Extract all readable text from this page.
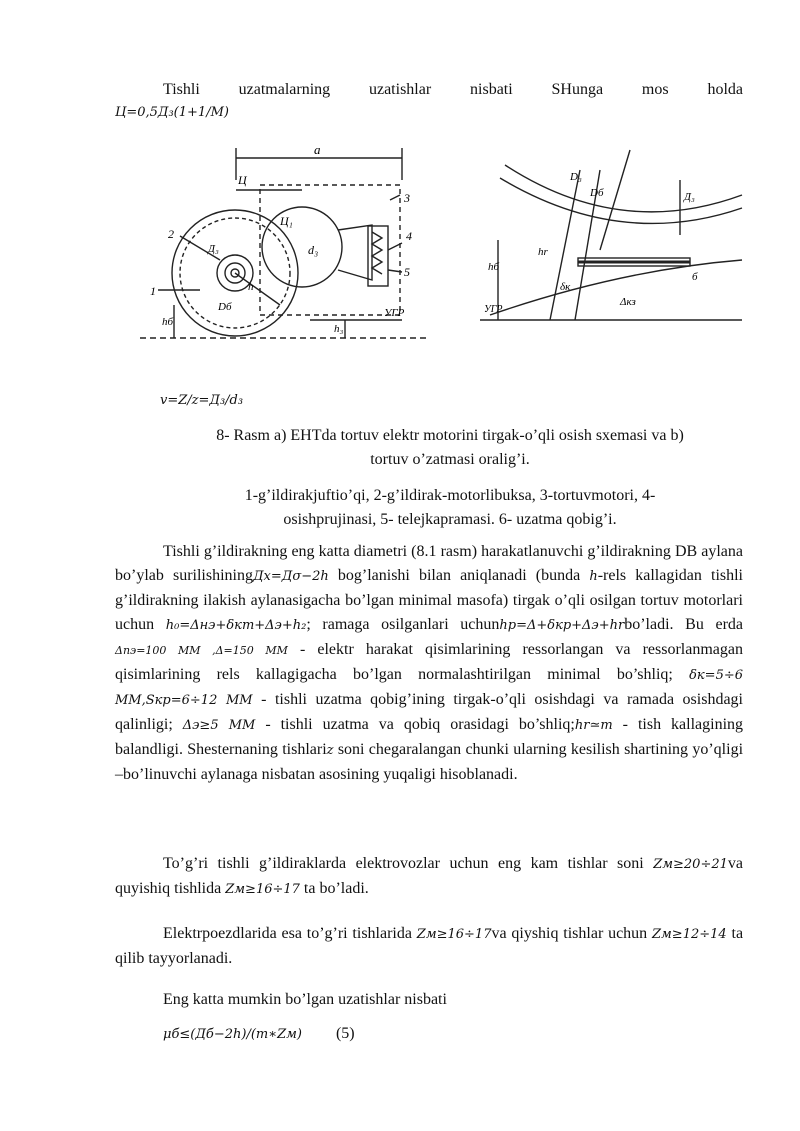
Tishli uzatmalarning uzatishlar nisbati SHunga mos holda
Ц=0,5Д₃(1+1/M)
a
Ц
3
Ц₁
d₃
4
5
2
Д₃
1
Dб
hб
h
h₃
УГР
D₃
Dб	Д₃
hб
hr
δк
Δкз
б
УГР
v=Z/z=Д₃/d₃
8- Rasm a) EHTda tortuv elektr motorini tirgak-o’qli osish sxemasi va b)
tortuv o’zatmasi oralig’i.
1-g’ildirakjuftio’qi, 2-g’ildirak-motorlibuksa, 3-tortuvmotori, 4-
osishprujinasi, 5- telejkapramasi. 6- uzatma qobig’i.
Tishli g’ildirakning eng katta diametri (8.1 rasm) harakatlanuvchi g’ildirakning DB aylana bo’ylab surilishiningДx=Дσ−2h bog’lanishi bilan aniqlanadi (bunda h-rels kallagidan tishli g’ildirakning ilakish aylanasigacha bo’lgan minimal masofa) tirgak o’qli osilgan tortuv motorlari uchun h₀=Δнэ+δкт+Δэ+h₂; ramaga osilganlari uchunhр=Δ+δкр+Δэ+hrbo’ladi. Bu erda Δпэ=100 MM ,Δ=150 MM - elektr harakat qisimlarining ressorlangan va ressorlanmagan qisimlarining rels kallagigacha bo’lgan normalashtirilgan minimal bo’shliq; δк=5÷6 MM,Sкр=6÷12 MM - tishli uzatma qobig’ining tirgak-o’qli osishdagi va ramada osishdagi qalinligi; Δэ≥5 MM - tishli uzatma va qobiq orasidagi bo’shliq;hr≃m - tish kallagining balandligi. Shesternaning tishlariz soni chegaralangan chunki ularning kesilish shartining yo’qligi –bo’linuvchi aylanaga nisbatan asosining yuqaligi hisoblanadi.
To’g’ri tishli g’ildiraklarda elektrovozlar uchun eng kam tishlar soni Zм≥20÷21va quyishiq tishlida Zм≥16÷17 ta bo’ladi.
Elektrpoezdlarida esa to’g’ri tishlarida Zм≥16÷17va qiyshiq tishlar uchun Zм≥12÷14 ta qilib tayyorlanadi.
Eng katta mumkin bo’lgan uzatishlar nisbati
μб≤(Дб−2h)/(m∗Zм) (5)
